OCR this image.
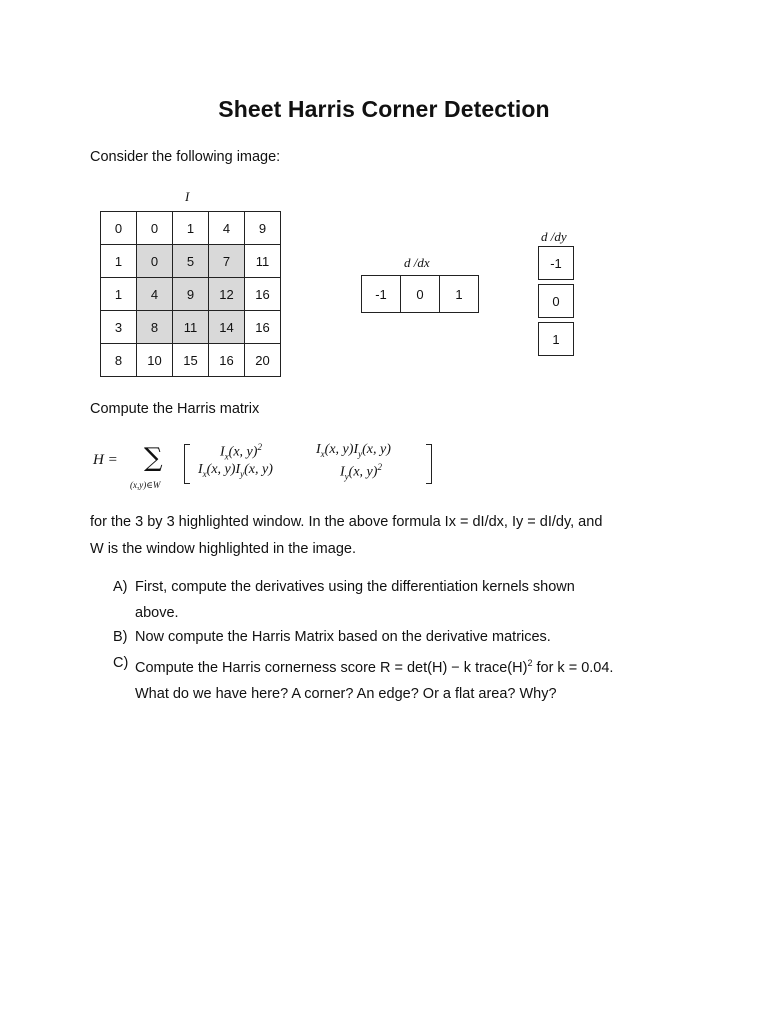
Sheet Harris Corner Detection
Consider the following image:
I
0	0	1	4	9
1	0	5	7	11
1	4	9	12	16
3	8	11	14	16
8	10	15	16	20
d /dx
-1	0	1
d /dy
-1
0
1
Compute the Harris matrix
H = ∑
(x,y)∈W
$I_x(x$, y)$^2$	$I_x(x$, $y)I_y(x$, y)
$I_x(x$, $y)I_y(x$, y)	$I_y(x$, y)$^2$
for the 3 by 3 highlighted window. In the above formula Ix = dI/dx, Iy = dI/dy, and
W is the window highlighted in the image.
A) First, compute the derivatives using the differentiation kernels shown
above.
B) Now compute the Harris Matrix based on the derivative matrices.
C) Compute the Harris cornerness score R = det(H) − k $trace(H)^2$ for k = 0.04.
What do we have here? A corner? An edge? Or a flat area? Why?
